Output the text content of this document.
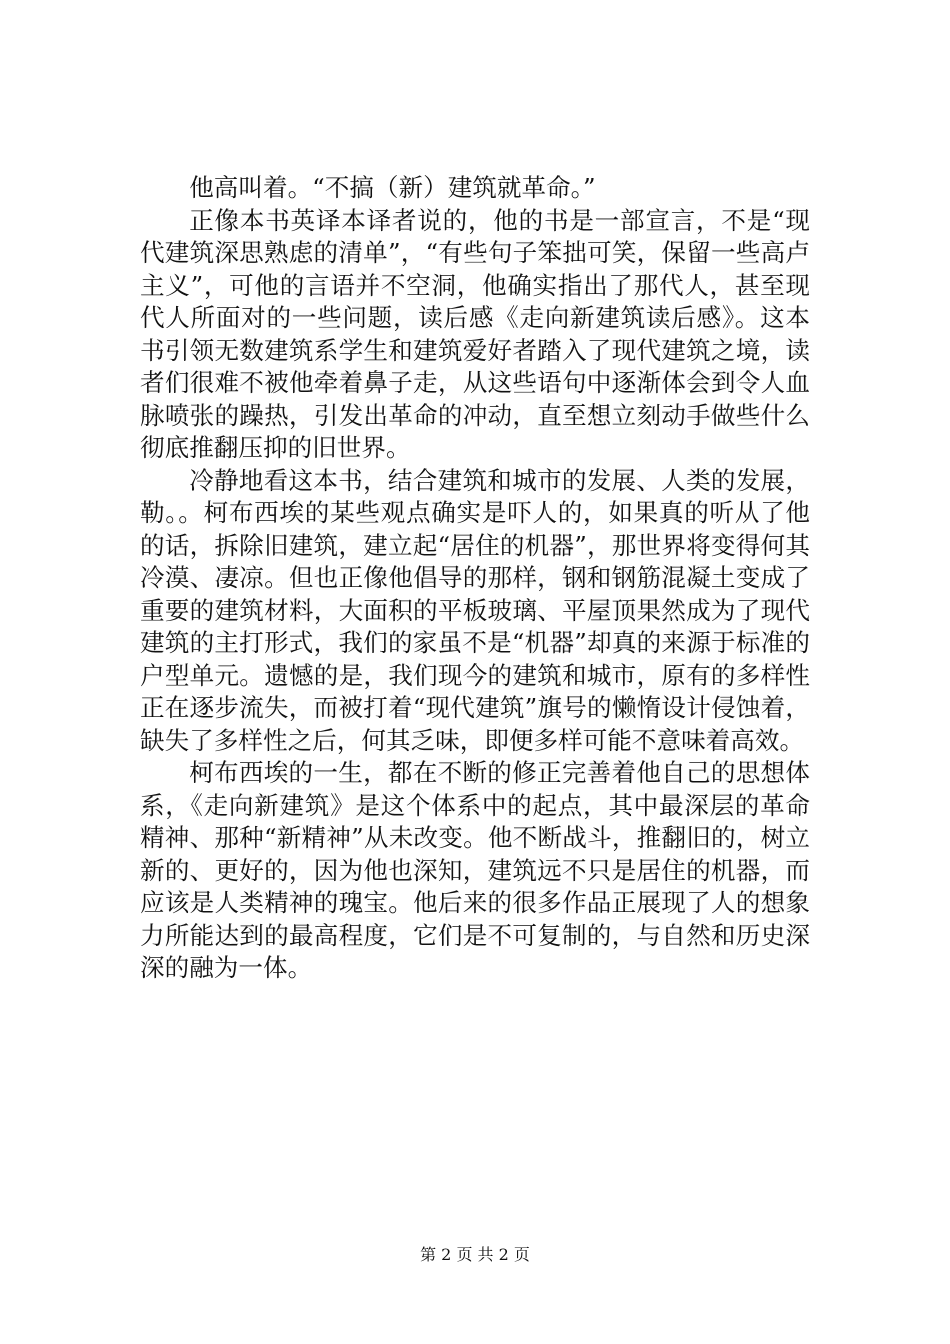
他高叫着。“不搞（新）建筑就革命。”

正像本书英译本译者说的，他的书是一部宣言，不是“现代建筑深思熟虑的清单”，“有些句子笨拙可笑，保留一些高卢主义”，可他的言语并不空洞，他确实指出了那代人，甚至现代人所面对的一些问题，读后感《走向新建筑读后感》。这本书引领无数建筑系学生和建筑爱好者踏入了现代建筑之境，读者们很难不被他牵着鼻子走，从这些语句中逐渐体会到令人血脉喷张的躁热，引发出革命的冲动，直至想立刻动手做些什么彻底推翻压抑的旧世界。

冷静地看这本书，结合建筑和城市的发展、人类的发展，勒。。柯布西埃的某些观点确实是吓人的，如果真的听从了他的话，拆除旧建筑，建立起“居住的机器”，那世界将变得何其冷漠、凄凉。但也正像他倡导的那样，钢和钢筋混凝土变成了重要的建筑材料，大面积的平板玻璃、平屋顶果然成为了现代建筑的主打形式，我们的家虽不是“机器”却真的来源于标准的户型单元。遗憾的是，我们现今的建筑和城市，原有的多样性正在逐步流失，而被打着“现代建筑”旗号的懒惰设计侵蚀着，缺失了多样性之后，何其乏味，即便多样可能不意味着高效。

柯布西埃的一生，都在不断的修正完善着他自己的思想体系，《走向新建筑》是这个体系中的起点，其中最深层的革命精神、那种“新精神”从未改变。他不断战斗，推翻旧的，树立新的、更好的，因为他也深知，建筑远不只是居住的机器，而应该是人类精神的瑰宝。他后来的很多作品正展现了人的想象力所能达到的最高程度，它们是不可复制的，与自然和历史深深的融为一体。

第 2 页 共 2 页
